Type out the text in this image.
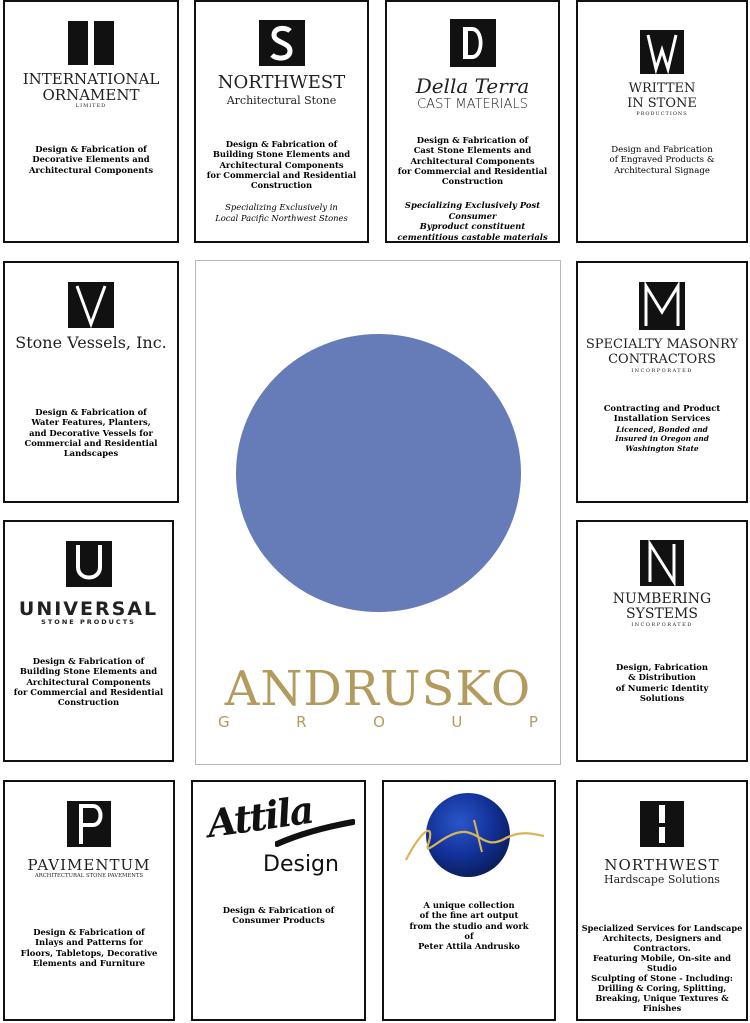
INTERNATIONAL
ORNAMENT
LIMITED
Design & Fabrication of
Decorative Elements and
Architectural Components
NORTHWEST
Architectural Stone
Design & Fabrication of
Building Stone Elements and
Architectural Components
for Commercial and Residential
Construction
Specializing Exclusively in
Local Pacific Northwest Stones
Della Terra
CAST MATERIALS
Design & Fabrication of
Cast Stone Elements and
Architectural Components
for Commercial and Residential
Construction
Specializing Exclusively Post Consumer
Byproduct constituent
cementitious castable materials
WRITTEN
IN STONE
PRODUCTIONS
Design and Fabrication
of Engraved Products &
Architectural Signage
Stone Vessels, Inc.
Design & Fabrication of
Water Features, Planters,
and Decorative Vessels for
Commercial and Residential
Landscapes
ANDRUSKO
G	R	O	U	P
SPECIALTY MASONRY
CONTRACTORS
INCORPORATED
Contracting and Product
Installation Services
Licenced, Bonded and
Insured in Oregon and
Washington State
UNIVERSAL
STONE PRODUCTS
Design & Fabrication of
Building Stone Elements and
Architectural Components
for Commercial and Residential
Construction
NUMBERING
SYSTEMS
INCORPORATED
Design, Fabrication
& Distribution
of Numeric Identity
Solutions
PAVIMENTUM
ARCHITECTURAL STONE PAVEMENTS
Design & Fabrication of
Inlays and Patterns for
Floors, Tabletops, Decorative
Elements and Furniture
Attila
Design
Design & Fabrication of
Consumer Products
A unique collection
of the fine art output
from the studio and work
of
Peter Attila Andrusko
NORTHWEST
Hardscape Solutions
Specialized Services for Landscape
Architects, Designers and Contractors.
Featuring Mobile, On-site and Studio
Sculpting of Stone - Including:
Drilling & Coring, Splitting,
Breaking, Unique Textures & Finishes
